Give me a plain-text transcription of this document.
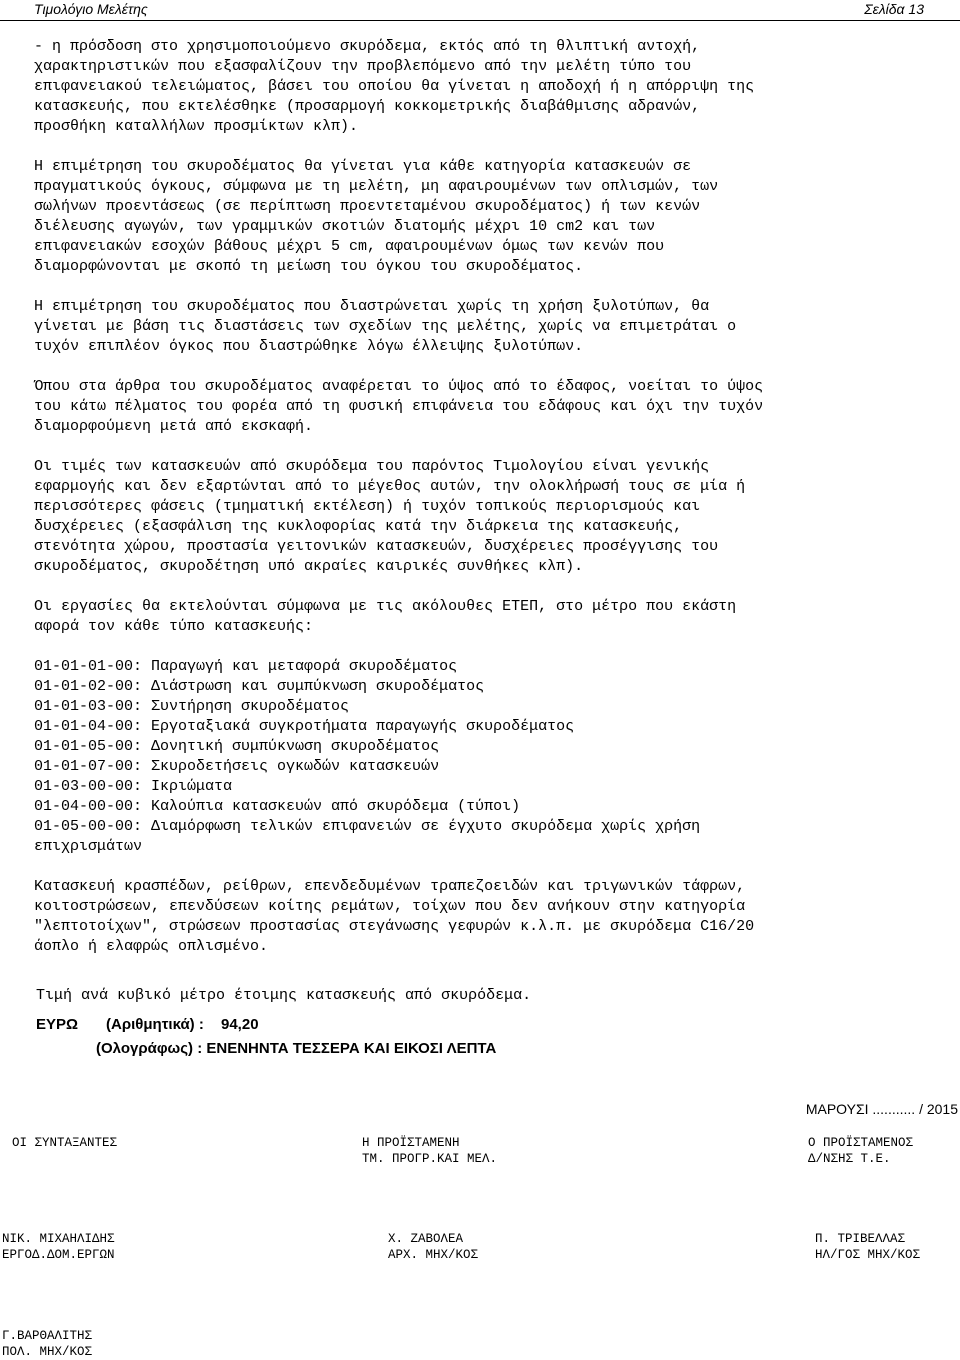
Τιμολόγιο Μελέτης	Σελίδα 13

- η πρόσδοση στο χρησιμοποιούμενο σκυρόδεμα, εκτός από τη θλιπτική αντοχή,
χαρακτηριστικών που εξασφαλίζουν την προβλεπόμενο από την μελέτη τύπο του
επιφανειακού τελειώματος, βάσει του οποίου θα γίνεται η αποδοχή ή η απόρριψη της
κατασκευής, που εκτελέσθηκε (προσαρμογή κοκκομετρικής διαβάθμισης αδρανών,
προσθήκη καταλλήλων προσμίκτων κλπ).

Η επιμέτρηση του σκυροδέματος θα γίνεται για κάθε κατηγορία κατασκευών σε
πραγματικούς όγκους, σύμφωνα με τη μελέτη, μη αφαιρουμένων των οπλισμών, των
σωλήνων προεντάσεως (σε περίπτωση προεντεταμένου σκυροδέματος) ή των κενών
διέλευσης αγωγών, των γραμμικών σκοτιών διατομής μέχρι 10 cm2 και των
επιφανειακών εσοχών βάθους μέχρι 5 cm, αφαιρουμένων όμως των κενών που
διαμορφώνονται με σκοπό τη μείωση του όγκου του σκυροδέματος.

Η επιμέτρηση του σκυροδέματος που διαστρώνεται χωρίς τη χρήση ξυλοτύπων, θα
γίνεται με βάση τις διαστάσεις των σχεδίων της μελέτης, χωρίς να επιμετράται ο
τυχόν επιπλέον όγκος που διαστρώθηκε λόγω έλλειψης ξυλοτύπων.

Όπου στα άρθρα του σκυροδέματος αναφέρεται το ύψος από το έδαφος, νοείται το ύψος
του κάτω πέλματος του φορέα από τη φυσική επιφάνεια του εδάφους και όχι την τυχόν
διαμορφούμενη μετά από εκσκαφή.

Οι τιμές των κατασκευών από σκυρόδεμα του παρόντος Τιμολογίου είναι γενικής
εφαρμογής και δεν εξαρτώνται από το μέγεθος αυτών, την ολοκλήρωσή τους σε μία ή
περισσότερες φάσεις (τμηματική εκτέλεση) ή τυχόν τοπικούς περιορισμούς και
δυσχέρειες (εξασφάλιση της κυκλοφορίας κατά την διάρκεια της κατασκευής,
στενότητα χώρου, προστασία γειτονικών κατασκευών, δυσχέρειες προσέγγισης του
σκυροδέματος, σκυροδέτηση υπό ακραίες καιρικές συνθήκες κλπ).

Οι εργασίες θα εκτελούνται σύμφωνα με τις ακόλουθες ΕΤΕΠ, στο μέτρο που εκάστη
αφορά τον κάθε τύπο κατασκευής:

01-01-01-00: Παραγωγή και μεταφορά σκυροδέματος
01-01-02-00: Διάστρωση και συμπύκνωση σκυροδέματος
01-01-03-00: Συντήρηση σκυροδέματος
01-01-04-00: Εργοταξιακά συγκροτήματα παραγωγής σκυροδέματος
01-01-05-00: Δονητική συμπύκνωση σκυροδέματος
01-01-07-00: Σκυροδετήσεις ογκωδών κατασκευών
01-03-00-00: Ικριώματα
01-04-00-00: Καλούπια κατασκευών από σκυρόδεμα (τύποι)
01-05-00-00: Διαμόρφωση τελικών επιφανειών σε έγχυτο σκυρόδεμα χωρίς χρήση
επιχρισμάτων

Κατασκευή κρασπέδων, ρείθρων, επενδεδυμένων τραπεζοειδών και τριγωνικών τάφρων,
κοιτοστρώσεων, επενδύσεων κοίτης ρεμάτων, τοίχων που δεν ανήκουν στην κατηγορία
"λεπτοτοίχων", στρώσεων προστασίας στεγάνωσης γεφυρών κ.λ.π. με σκυρόδεμα C16/20
άοπλο ή ελαφρώς οπλισμένο.

Τιμή ανά κυβικό μέτρο έτοιμης κατασκευής από σκυρόδεμα.
ΕΥΡΩ (Αριθμητικά) : 94,20
(Ολογράφως) : ΕΝΕΝΗΝΤΑ ΤΕΣΣΕΡΑ ΚΑΙ ΕΙΚΟΣΙ ΛΕΠΤΑ
ΜΑΡΟΥΣΙ ........... / 2015
ΟΙ ΣΥΝΤΑΞΑΝΤΕΣ	Η ΠΡΟΪΣΤΑΜΕΝΗ
ΤΜ. ΠΡΟΓΡ.ΚΑΙ ΜΕΛ.
Ο ΠΡΟΪΣΤΑΜΕΝΟΣ
Δ/ΝΣΗΣ Τ.Ε.
ΝΙΚ. ΜΙΧΑΗΛΙΔΗΣ
ΕΡΓΟΔ.ΔΟΜ.ΕΡΓΩΝ
Χ. ΖΑΒΟΛΕΑ
ΑΡΧ. ΜΗΧ/ΚΟΣ
Π. ΤΡΙΒΕΛΛΑΣ
ΗΛ/ΓΟΣ ΜΗΧ/ΚΟΣ
Γ.ΒΑΡΘΑΛΙΤΗΣ
ΠΟΛ. ΜΗΧ/ΚΟΣ
